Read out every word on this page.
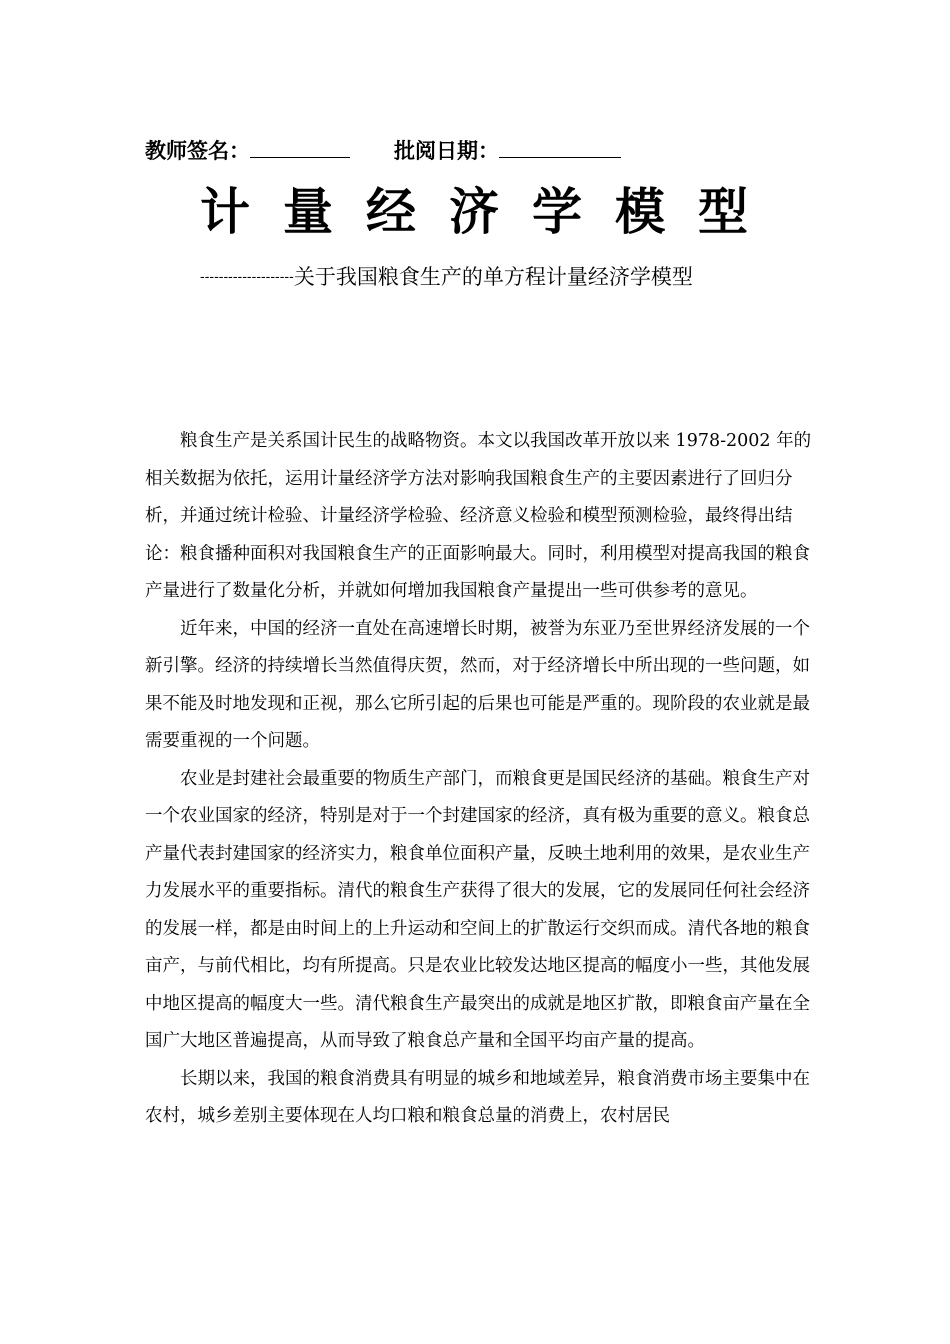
教师签名：	批阅日期：
计量经济学模型
--------------------关于我国粮食生产的单方程计量经济学模型

粮食生产是关系国计民生的战略物资。本文以我国改革开放以来 1978-2002 年的相关数据为依托，运用计量经济学方法对影响我国粮食生产的主要因素进行了回归分析，并通过统计检验、计量经济学检验、经济意义检验和模型预测检验，最终得出结论：粮食播种面积对我国粮食生产的正面影响最大。同时，利用模型对提高我国的粮食产量进行了数量化分析，并就如何增加我国粮食产量提出一些可供参考的意见。

近年来，中国的经济一直处在高速增长时期，被誉为东亚乃至世界经济发展的一个新引擎。经济的持续增长当然值得庆贺，然而，对于经济增长中所出现的一些问题，如果不能及时地发现和正视，那么它所引起的后果也可能是严重的。现阶段的农业就是最需要重视的一个问题。

农业是封建社会最重要的物质生产部门，而粮食更是国民经济的基础。粮食生产对一个农业国家的经济，特别是对于一个封建国家的经济，真有极为重要的意义。粮食总产量代表封建国家的经济实力，粮食单位面积产量，反映土地利用的效果，是农业生产力发展水平的重要指标。清代的粮食生产获得了很大的发展，它的发展同任何社会经济的发展一样，都是由时间上的上升运动和空间上的扩散运行交织而成。清代各地的粮食亩产，与前代相比，均有所提高。只是农业比较发达地区提高的幅度小一些，其他发展中地区提高的幅度大一些。清代粮食生产最突出的成就是地区扩散，即粮食亩产量在全国广大地区普遍提高，从而导致了粮食总产量和全国平均亩产量的提高。

长期以来，我国的粮食消费具有明显的城乡和地域差异，粮食消费市场主要集中在农村，城乡差别主要体现在人均口粮和粮食总量的消费上，农村居民
